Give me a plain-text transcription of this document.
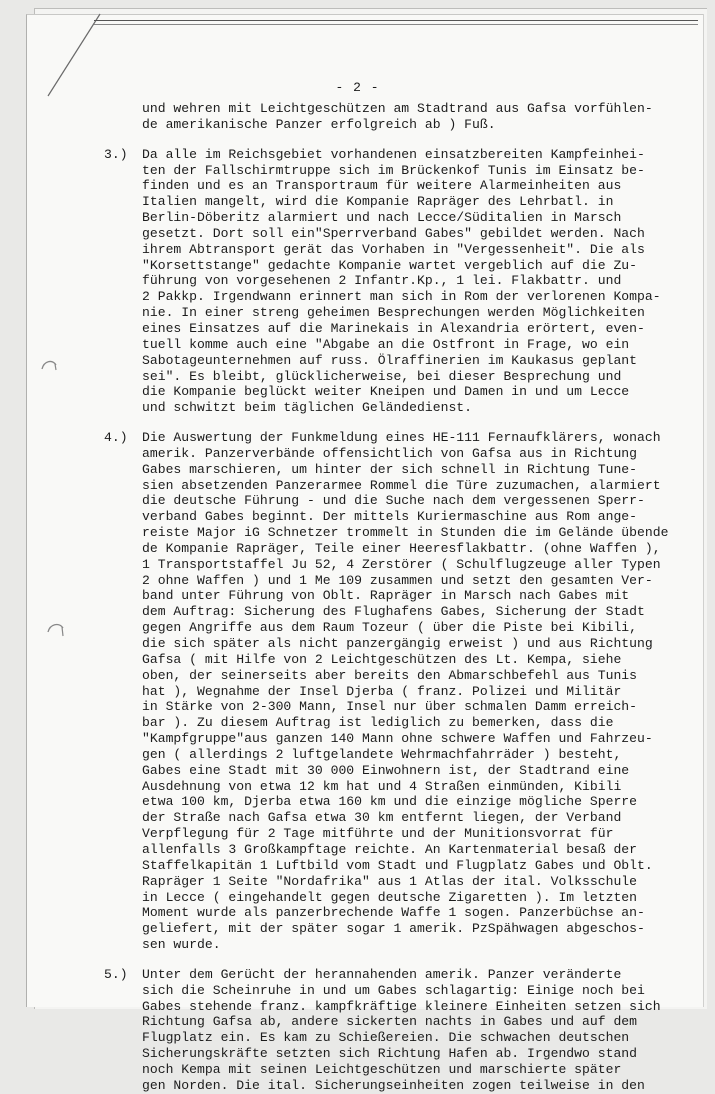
- 2 -
und wehren mit Leichtgeschützen am Stadtrand aus Gafsa vorfühlen-
de amerikanische Panzer erfolgreich ab ) Fuß.
3.) Da alle im Reichsgebiet vorhandenen einsatzbereiten Kampfeinhei-
ten der Fallschirmtruppe sich im Brückenkof Tunis im Einsatz be-
finden und es an Transportraum für weitere Alarmeinheiten aus
Italien mangelt, wird die Kompanie Rapräger des Lehrbatl. in
Berlin-Döberitz alarmiert und nach Lecce/Süditalien in Marsch
gesetzt. Dort soll ein"Sperrverband Gabes" gebildet werden. Nach
ihrem Abtransport gerät das Vorhaben in "Vergessenheit". Die als
"Korsettstange" gedachte Kompanie wartet vergeblich auf die Zu-
führung von vorgesehenen 2 Infantr.Kp., 1 lei. Flakbattr. und
2 Pakkp. Irgendwann erinnert man sich in Rom der verlorenen Kompa-
nie. In einer streng geheimen Besprechungen werden Möglichkeiten
eines Einsatzes auf die Marinekais in Alexandria erörtert, even-
tuell komme auch eine "Abgabe an die Ostfront in Frage, wo ein
Sabotageunternehmen auf russ. Ölraffinerien im Kaukasus geplant
sei". Es bleibt, glücklicherweise, bei dieser Besprechung und
die Kompanie beglückt weiter Kneipen und Damen in und um Lecce
und schwitzt beim täglichen Geländedienst.
4.) Die Auswertung der Funkmeldung eines HE-111 Fernaufklärers, wonach
amerik. Panzerverbände offensichtlich von Gafsa aus in Richtung
Gabes marschieren, um hinter der sich schnell in Richtung Tune-
sien absetzenden Panzerarmee Rommel die Türe zuzumachen, alarmiert
die deutsche Führung - und die Suche nach dem vergessenen Sperr-
verband Gabes beginnt. Der mittels Kuriermaschine aus Rom ange-
reiste Major iG Schnetzer trommelt in Stunden die im Gelände übende
de Kompanie Rapräger, Teile einer Heeresflakbattr. (ohne Waffen ),
1 Transportstaffel Ju 52, 4 Zerstörer ( Schulflugzeuge aller Typen
2 ohne Waffen ) und 1 Me 109 zusammen und setzt den gesamten Ver-
band unter Führung von Oblt. Rapräger in Marsch nach Gabes mit
dem Auftrag: Sicherung des Flughafens Gabes, Sicherung der Stadt
gegen Angriffe aus dem Raum Tozeur ( über die Piste bei Kibili,
die sich später als nicht panzergängig erweist ) und aus Richtung
Gafsa ( mit Hilfe von 2 Leichtgeschützen des Lt. Kempa, siehe
oben, der seinerseits aber bereits den Abmarschbefehl aus Tunis
hat ), Wegnahme der Insel Djerba ( franz. Polizei und Militär
in Stärke von 2-300 Mann, Insel nur über schmalen Damm erreich-
bar ). Zu diesem Auftrag ist lediglich zu bemerken, dass die
"Kampfgruppe"aus ganzen 140 Mann ohne schwere Waffen und Fahrzeu-
gen ( allerdings 2 luftgelandete Wehrmachfahrräder ) besteht,
Gabes eine Stadt mit 30 000 Einwohnern ist, der Stadtrand eine
Ausdehnung von etwa 12 km hat und 4 Straßen einmünden, Kibili
etwa 100 km, Djerba etwa 160 km und die einzige mögliche Sperre
der Straße nach Gafsa etwa 30 km entfernt liegen, der Verband
Verpflegung für 2 Tage mitführte und der Munitionsvorrat für
allenfalls 3 Großkampftage reichte. An Kartenmaterial besaß der
Staffelkapitän 1 Luftbild vom Stadt und Flugplatz Gabes und Oblt.
Rapräger 1 Seite "Nordafrika" aus 1 Atlas der ital. Volksschule
in Lecce ( eingehandelt gegen deutsche Zigaretten ). Im letzten
Moment wurde als panzerbrechende Waffe 1 sogen. Panzerbüchse an-
geliefert, mit der später sogar 1 amerik. PzSpähwagen abgeschos-
sen wurde.
5.) Unter dem Gerücht der herannahenden amerik. Panzer veränderte
sich die Scheinruhe in und um Gabes schlagartig: Einige noch bei
Gabes stehende franz. kampfkräftige kleinere Einheiten setzen sich
Richtung Gafsa ab, andere sickerten nachts in Gabes und auf dem
Flugplatz ein. Es kam zu Schießereien. Die schwachen deutschen
Sicherungskräfte setzten sich Richtung Hafen ab. Irgendwo stand
noch Kempa mit seinen Leichtgeschützen und marschierte später
gen Norden. Die ital. Sicherungseinheiten zogen teilweise in den
